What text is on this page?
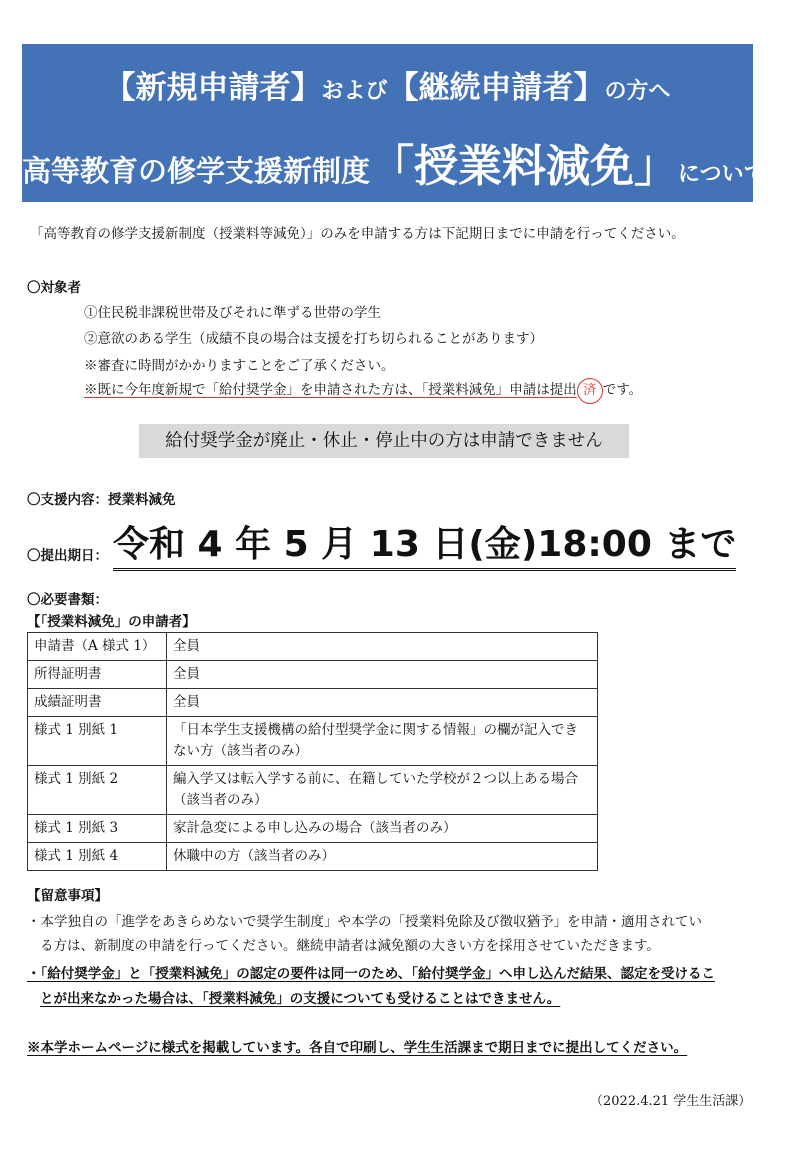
【新規申請者】および【継続申請者】の方へ
高等教育の修学支援新制度「授業料減免」について
「高等教育の修学支援新制度（授業料等減免）」のみを申請する方は下記期日までに申請を行ってください。
〇対象者
①住民税非課税世帯及びそれに準ずる世帯の学生
②意欲のある学生（成績不良の場合は支援を打ち切られることがあります）
※審査に時間がかかりますことをご了承ください。
※既に今年度新規で「給付奨学金」を申請された方は、「授業料減免」申請は提出 済 です。
給付奨学金が廃止・休止・停止中の方は申請できません
〇支援内容：授業料減免
〇提出期日： 令和 4 年 5 月 13 日(金)18:00 まで
〇必要書類：
【「授業料減免」の申請者】
申請書（A 様式 1）	全員
所得証明書	全員
成績証明書	全員
様式 1 別紙 1	「日本学生支援機構の給付型奨学金に関する情報」の欄が記入できない方（該当者のみ）
様式 1 別紙 2	編入学又は転入学する前に、在籍していた学校が２つ以上ある場合（該当者のみ）
様式 1 別紙 3	家計急変による申し込みの場合（該当者のみ）
様式 1 別紙 4	休職中の方（該当者のみ）
【留意事項】
・本学独自の「進学をあきらめないで奨学生制度」や本学の「授業料免除及び徴収猶予」を申請・適用されてい
る方は、新制度の申請を行ってください。継続申請者は減免額の大きい方を採用させていただきます。
・「給付奨学金」と「授業料減免」の認定の要件は同一のため、「給付奨学金」へ申し込んだ結果、認定を受けるこ
とが出来なかった場合は、「授業料減免」の支援についても受けることはできません。
※本学ホームページに様式を掲載しています。各自で印刷し、学生生活課まで期日までに提出してください。
（2022.4.21 学生生活課）
